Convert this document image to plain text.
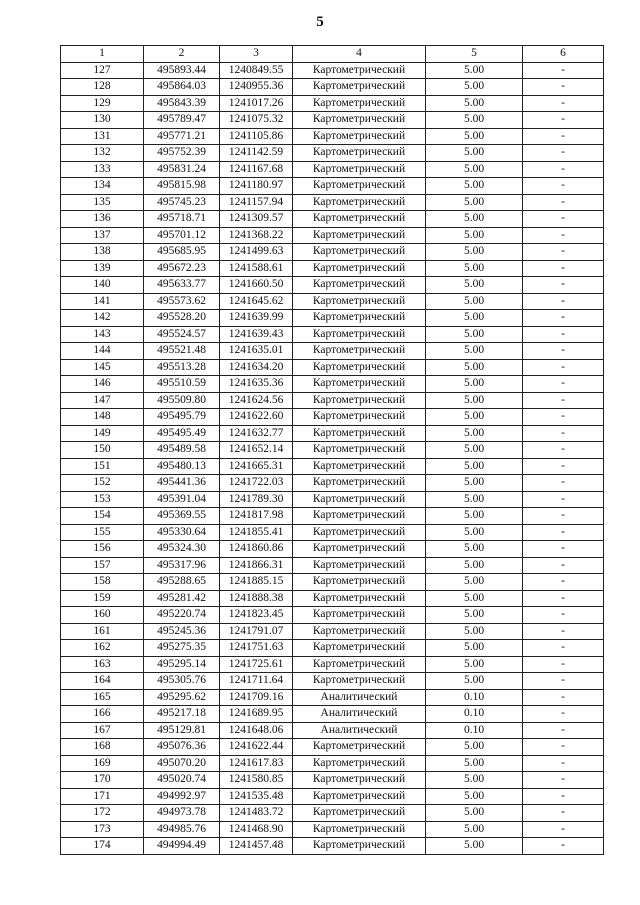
5
1	2	3	4	5	6
127	495893.44	1240849.55	Картометрический	5.00	-
128	495864.03	1240955.36	Картометрический	5.00	-
129	495843.39	1241017.26	Картометрический	5.00	-
130	495789.47	1241075.32	Картометрический	5.00	-
131	495771.21	1241105.86	Картометрический	5.00	-
132	495752.39	1241142.59	Картометрический	5.00	-
133	495831.24	1241167.68	Картометрический	5.00	-
134	495815.98	1241180.97	Картометрический	5.00	-
135	495745.23	1241157.94	Картометрический	5.00	-
136	495718.71	1241309.57	Картометрический	5.00	-
137	495701.12	1241368.22	Картометрический	5.00	-
138	495685.95	1241499.63	Картометрический	5.00	-
139	495672.23	1241588.61	Картометрический	5.00	-
140	495633.77	1241660.50	Картометрический	5.00	-
141	495573.62	1241645.62	Картометрический	5.00	-
142	495528.20	1241639.99	Картометрический	5.00	-
143	495524.57	1241639.43	Картометрический	5.00	-
144	495521.48	1241635.01	Картометрический	5.00	-
145	495513.28	1241634.20	Картометрический	5.00	-
146	495510.59	1241635.36	Картометрический	5.00	-
147	495509.80	1241624.56	Картометрический	5.00	-
148	495495.79	1241622.60	Картометрический	5.00	-
149	495495.49	1241632.77	Картометрический	5.00	-
150	495489.58	1241652.14	Картометрический	5.00	-
151	495480.13	1241665.31	Картометрический	5.00	-
152	495441.36	1241722.03	Картометрический	5.00	-
153	495391.04	1241789.30	Картометрический	5.00	-
154	495369.55	1241817.98	Картометрический	5.00	-
155	495330.64	1241855.41	Картометрический	5.00	-
156	495324.30	1241860.86	Картометрический	5.00	-
157	495317.96	1241866.31	Картометрический	5.00	-
158	495288.65	1241885.15	Картометрический	5.00	-
159	495281.42	1241888.38	Картометрический	5.00	-
160	495220.74	1241823.45	Картометрический	5.00	-
161	495245.36	1241791.07	Картометрический	5.00	-
162	495275.35	1241751.63	Картометрический	5.00	-
163	495295.14	1241725.61	Картометрический	5.00	-
164	495305.76	1241711.64	Картометрический	5.00	-
165	495295.62	1241709.16	Аналитический	0.10	-
166	495217.18	1241689.95	Аналитический	0.10	-
167	495129.81	1241648.06	Аналитический	0.10	-
168	495076.36	1241622.44	Картометрический	5.00	-
169	495070.20	1241617.83	Картометрический	5.00	-
170	495020.74	1241580.85	Картометрический	5.00	-
171	494992.97	1241535.48	Картометрический	5.00	-
172	494973.78	1241483.72	Картометрический	5.00	-
173	494985.76	1241468.90	Картометрический	5.00	-
174	494994.49	1241457.48	Картометрический	5.00	-
